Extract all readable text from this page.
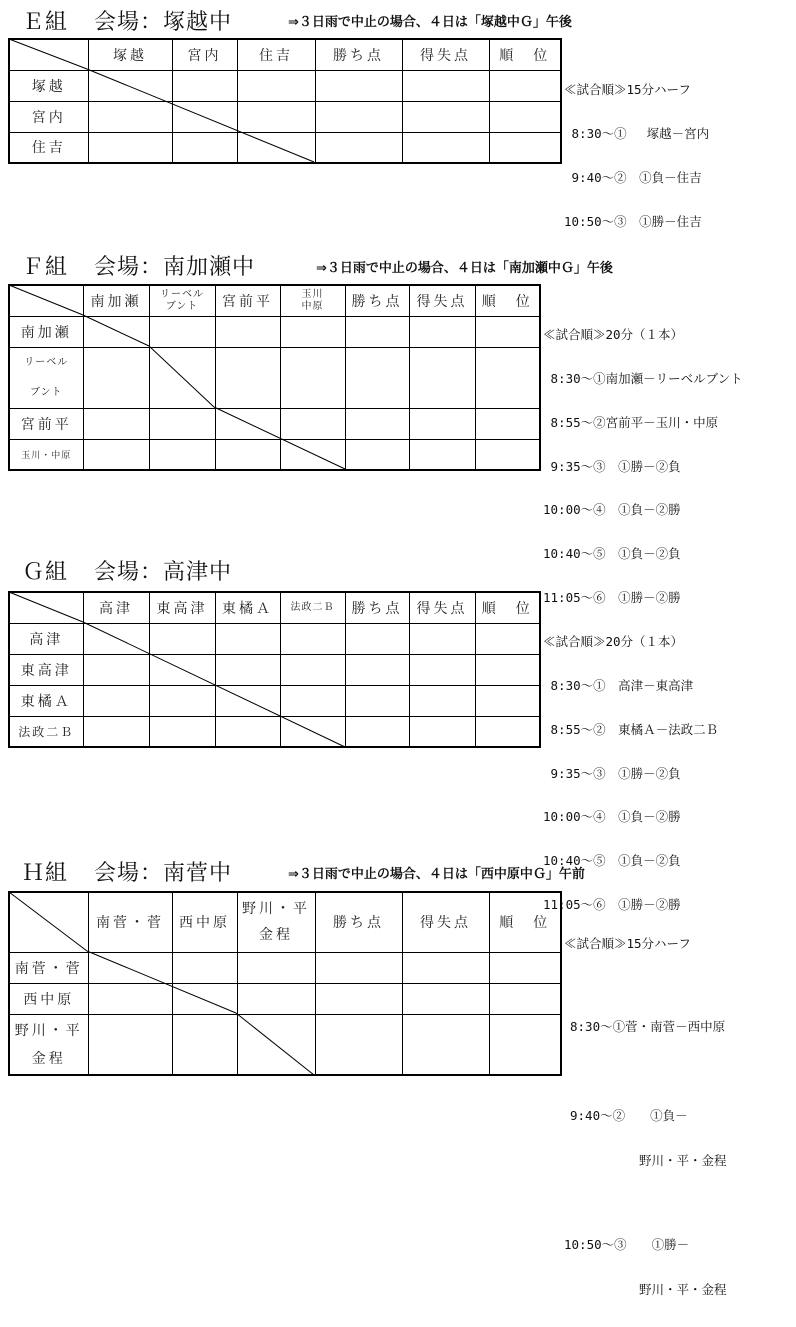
Ｅ組 会場：塚越中	⇒３日雨で中止の場合、４日は「塚越中Ｇ」午後
	塚越	宮内	住吉	勝ち点	得失点	順　位
塚越						
宮内						
住吉						

≪試合順≫15分ハーフ

8:30～①　 塚越－宮内

9:40～②　①負－住吉

10:50～③　①勝－住吉

Ｆ組 会場：南加瀬中	⇒３日雨で中止の場合、４日は「南加瀬中Ｇ」午後
	南加瀬	リーベル
ブント	宮前平	玉川
中原	勝ち点	得失点	順　位
南加瀬							
リーベル
ブント							
宮前平							
玉川・中原							

≪試合順≫20分（１本）

8:30～①南加瀬－リーベルブント

8:55～②宮前平－玉川・中原

9:35～③　①勝－②負

10:00～④　①負－②勝

10:40～⑤　①負－②負

11:05～⑥　①勝－②勝

Ｇ組 会場：高津中
	高津	東高津	東橘Ａ	法政二Ｂ	勝ち点	得失点	順　位
高津							
東高津							
東橘Ａ							
法政二Ｂ							

≪試合順≫20分（１本）

8:30～①　高津－東高津

8:55～②　東橘Ａ－法政二Ｂ

9:35～③　①勝－②負

10:00～④　①負－②勝

10:40～⑤　①負－②負

11:05～⑥　①勝－②勝

Ｈ組 会場：南菅中	⇒３日雨で中止の場合、４日は「西中原中Ｇ」午前
	南菅・菅	西中原	野川・平
金程	勝ち点	得失点	順　位
南菅・菅						
西中原						
野川・平
金程						

≪試合順≫15分ハーフ

8:30～①菅・南菅－西中原

9:40～②　　①負－

　　　　　　野川・平・金程

10:50～③　　①勝－

　　　　　　野川・平・金程
